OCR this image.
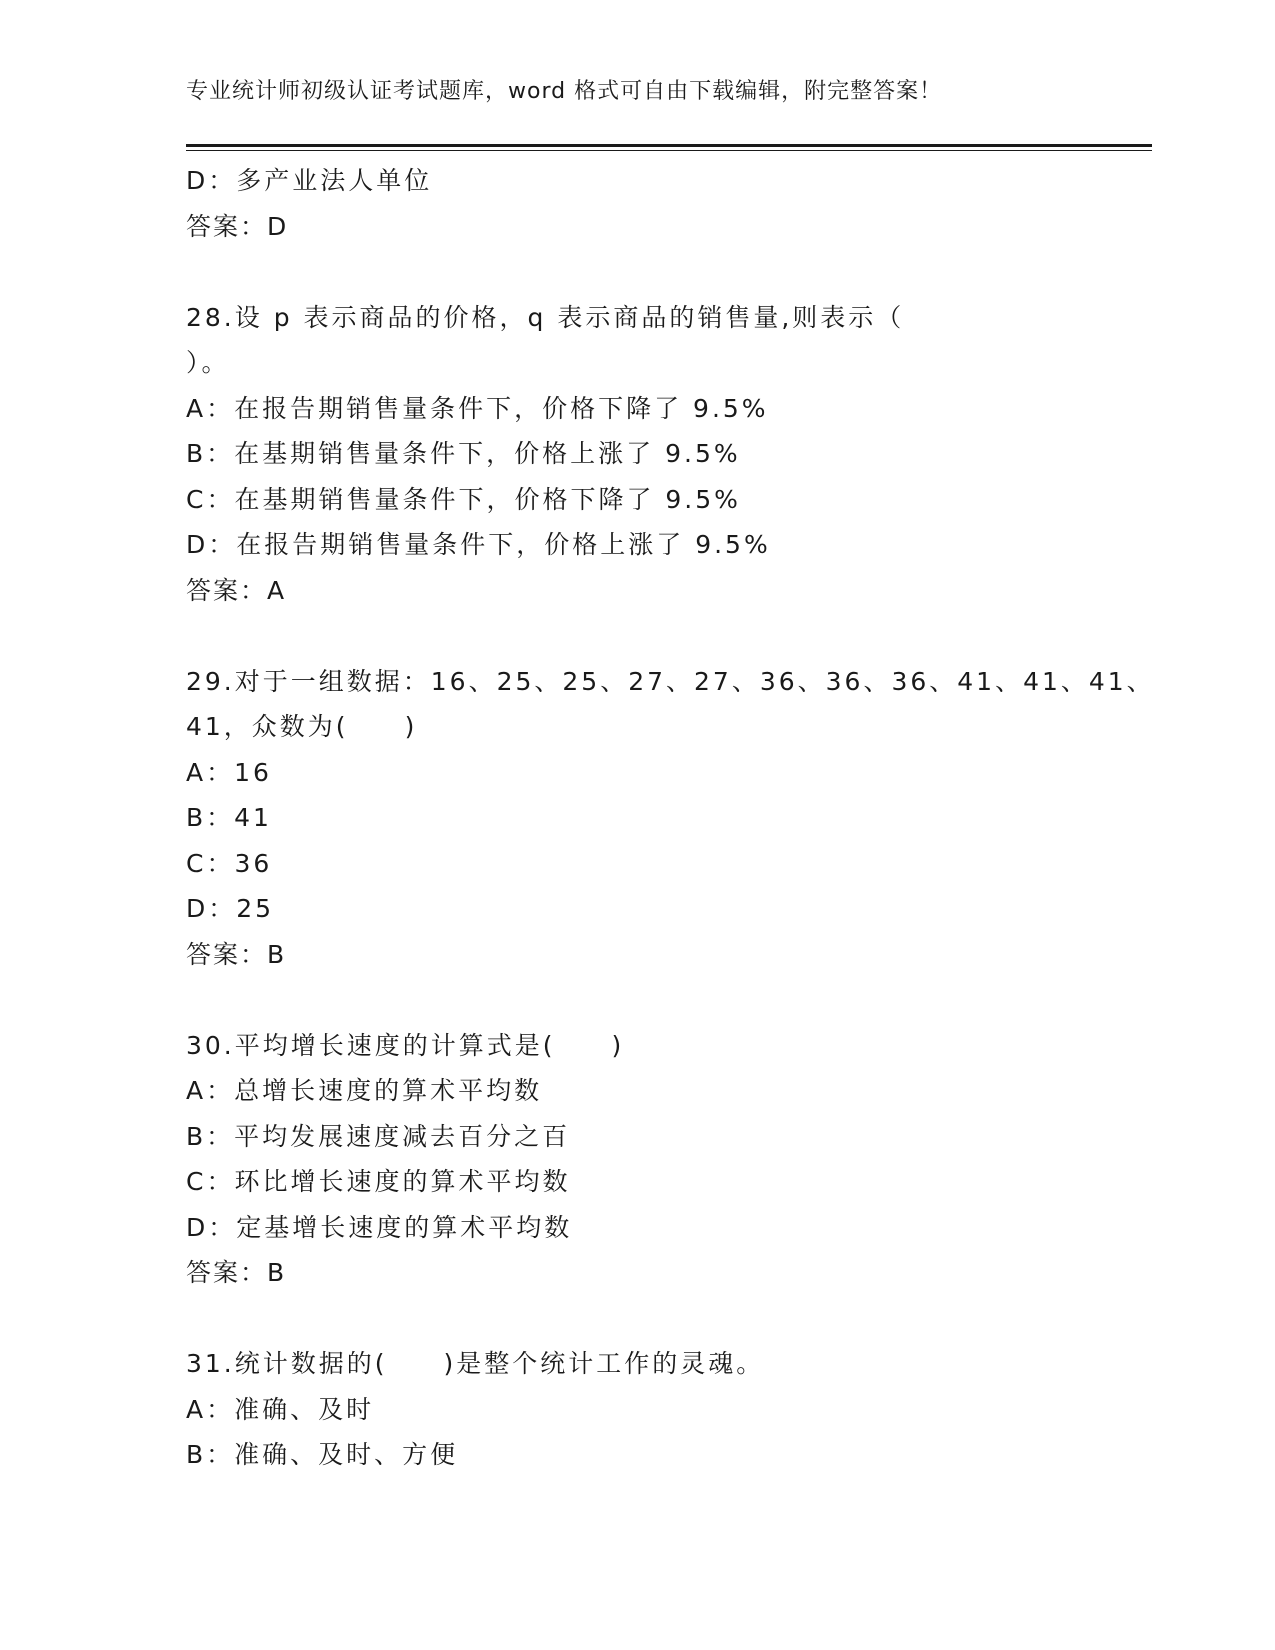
专业统计师初级认证考试题库，word 格式可自由下载编辑，附完整答案！
D：多产业法人单位
答案：D
28.设 p 表示商品的价格，q 表示商品的销售量,则表示（
）。
A：在报告期销售量条件下，价格下降了 9.5%
B：在基期销售量条件下，价格上涨了 9.5%
C：在基期销售量条件下，价格下降了 9.5%
D：在报告期销售量条件下，价格上涨了 9.5%
答案：A
29.对于一组数据：16、25、25、27、27、36、36、36、41、41、41、
41，众数为(　　)
A：16
B：41
C：36
D：25
答案：B
30.平均增长速度的计算式是(　　)
A：总增长速度的算术平均数
B：平均发展速度减去百分之百
C：环比增长速度的算术平均数
D：定基增长速度的算术平均数
答案：B
31.统计数据的(　　)是整个统计工作的灵魂。
A：准确、及时
B：准确、及时、方便
